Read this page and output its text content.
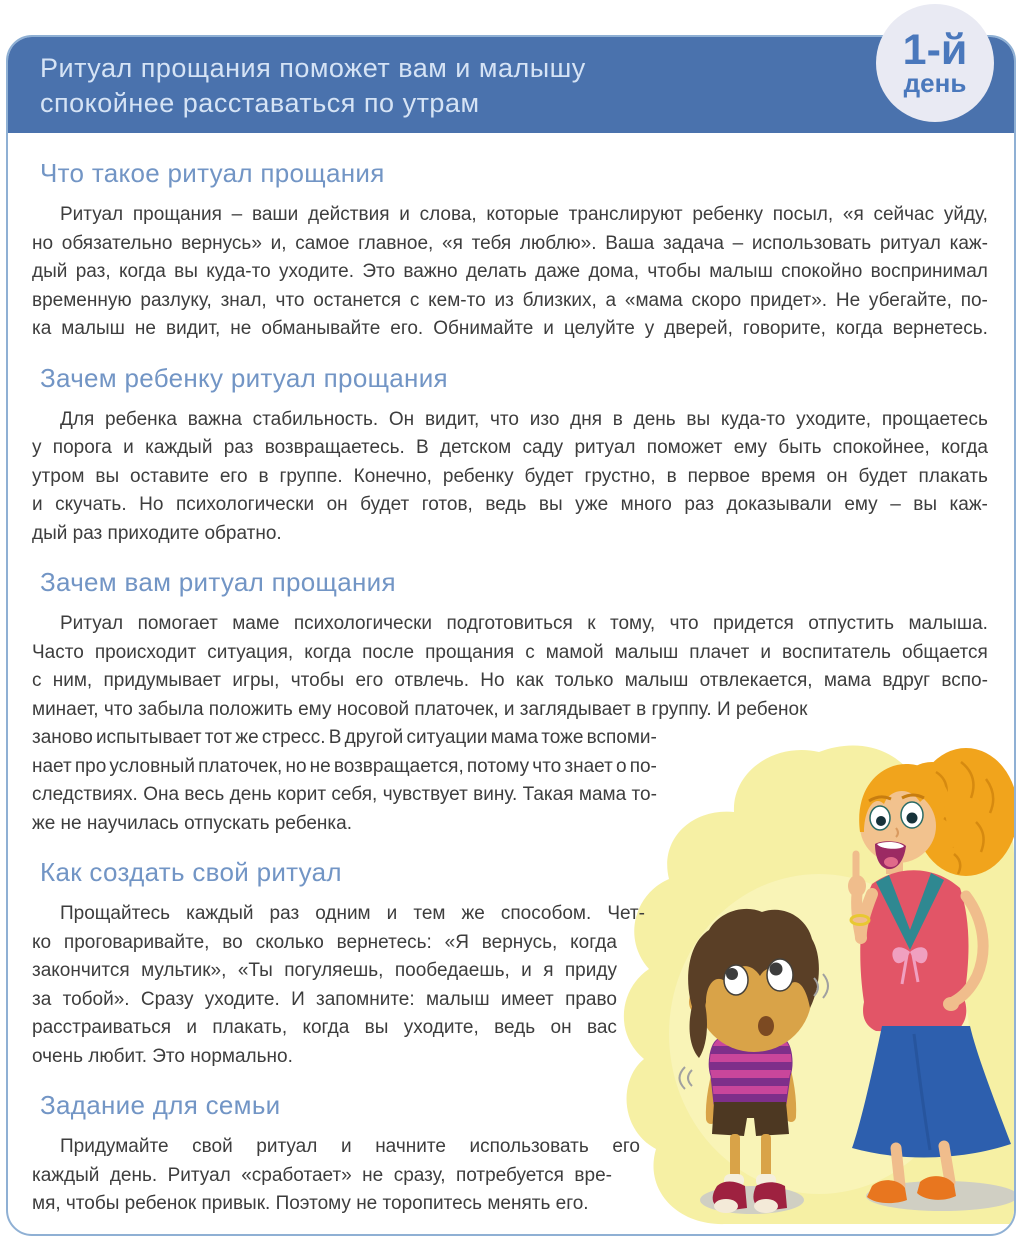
1-й
день
Ритуал прощания поможет вам и малышу
спокойнее расставаться по утрам
Что такое ритуал прощания
Ритуал прощания – ваши действия и слова, которые транслируют ребенку посыл, «я сейчас уйду,
но обязательно вернусь» и, самое главное, «я тебя люблю». Ваша задача – использовать ритуал каж-
дый раз, когда вы куда-то уходите. Это важно делать даже дома, чтобы малыш спокойно воспринимал
временную разлуку, знал, что останется с кем-то из близких, а «мама скоро придет». Не убегайте, по-
ка малыш не видит, не обманывайте его. Обнимайте и целуйте у дверей, говорите, когда вернетесь.
Зачем ребенку ритуал прощания
Для ребенка важна стабильность. Он видит, что изо дня в день вы куда-то уходите, прощаетесь
у порога и каждый раз возвращаетесь. В детском саду ритуал поможет ему быть спокойнее, когда
утром вы оставите его в группе. Конечно, ребенку будет грустно, в первое время он будет плакать
и скучать. Но психологически он будет готов, ведь вы уже много раз доказывали ему – вы каж-
дый раз приходите обратно.
Зачем вам ритуал прощания
Ритуал помогает маме психологически подготовиться к тому, что придется отпустить малыша.
Часто происходит ситуация, когда после прощания с мамой малыш плачет и воспитатель общается
с ним, придумывает игры, чтобы его отвлечь. Но как только малыш отвлекается, мама вдруг вспо-
минает, что забыла положить ему носовой платочек, и заглядывает в группу. И ребенок
заново испытывает тот же стресс. В другой ситуации мама тоже вспоми-
нает про условный платочек, но не возвращается, потому что знает о по-
следствиях. Она весь день корит себя, чувствует вину. Такая мама то-
же не научилась отпускать ребенка.
Как создать свой ритуал
Прощайтесь каждый раз одним и тем же способом. Чет-
ко проговаривайте, во сколько вернетесь: «Я вернусь, когда
закончится мультик», «Ты погуляешь, пообедаешь, и я приду
за тобой». Сразу уходите. И запомните: малыш имеет право
расстраиваться и плакать, когда вы уходите, ведь он вас
очень любит. Это нормально.
Задание для семьи
Придумайте свой ритуал и начните использовать его
каждый день. Ритуал «сработает» не сразу, потребуется вре-
мя, чтобы ребенок привык. Поэтому не торопитесь менять его.
